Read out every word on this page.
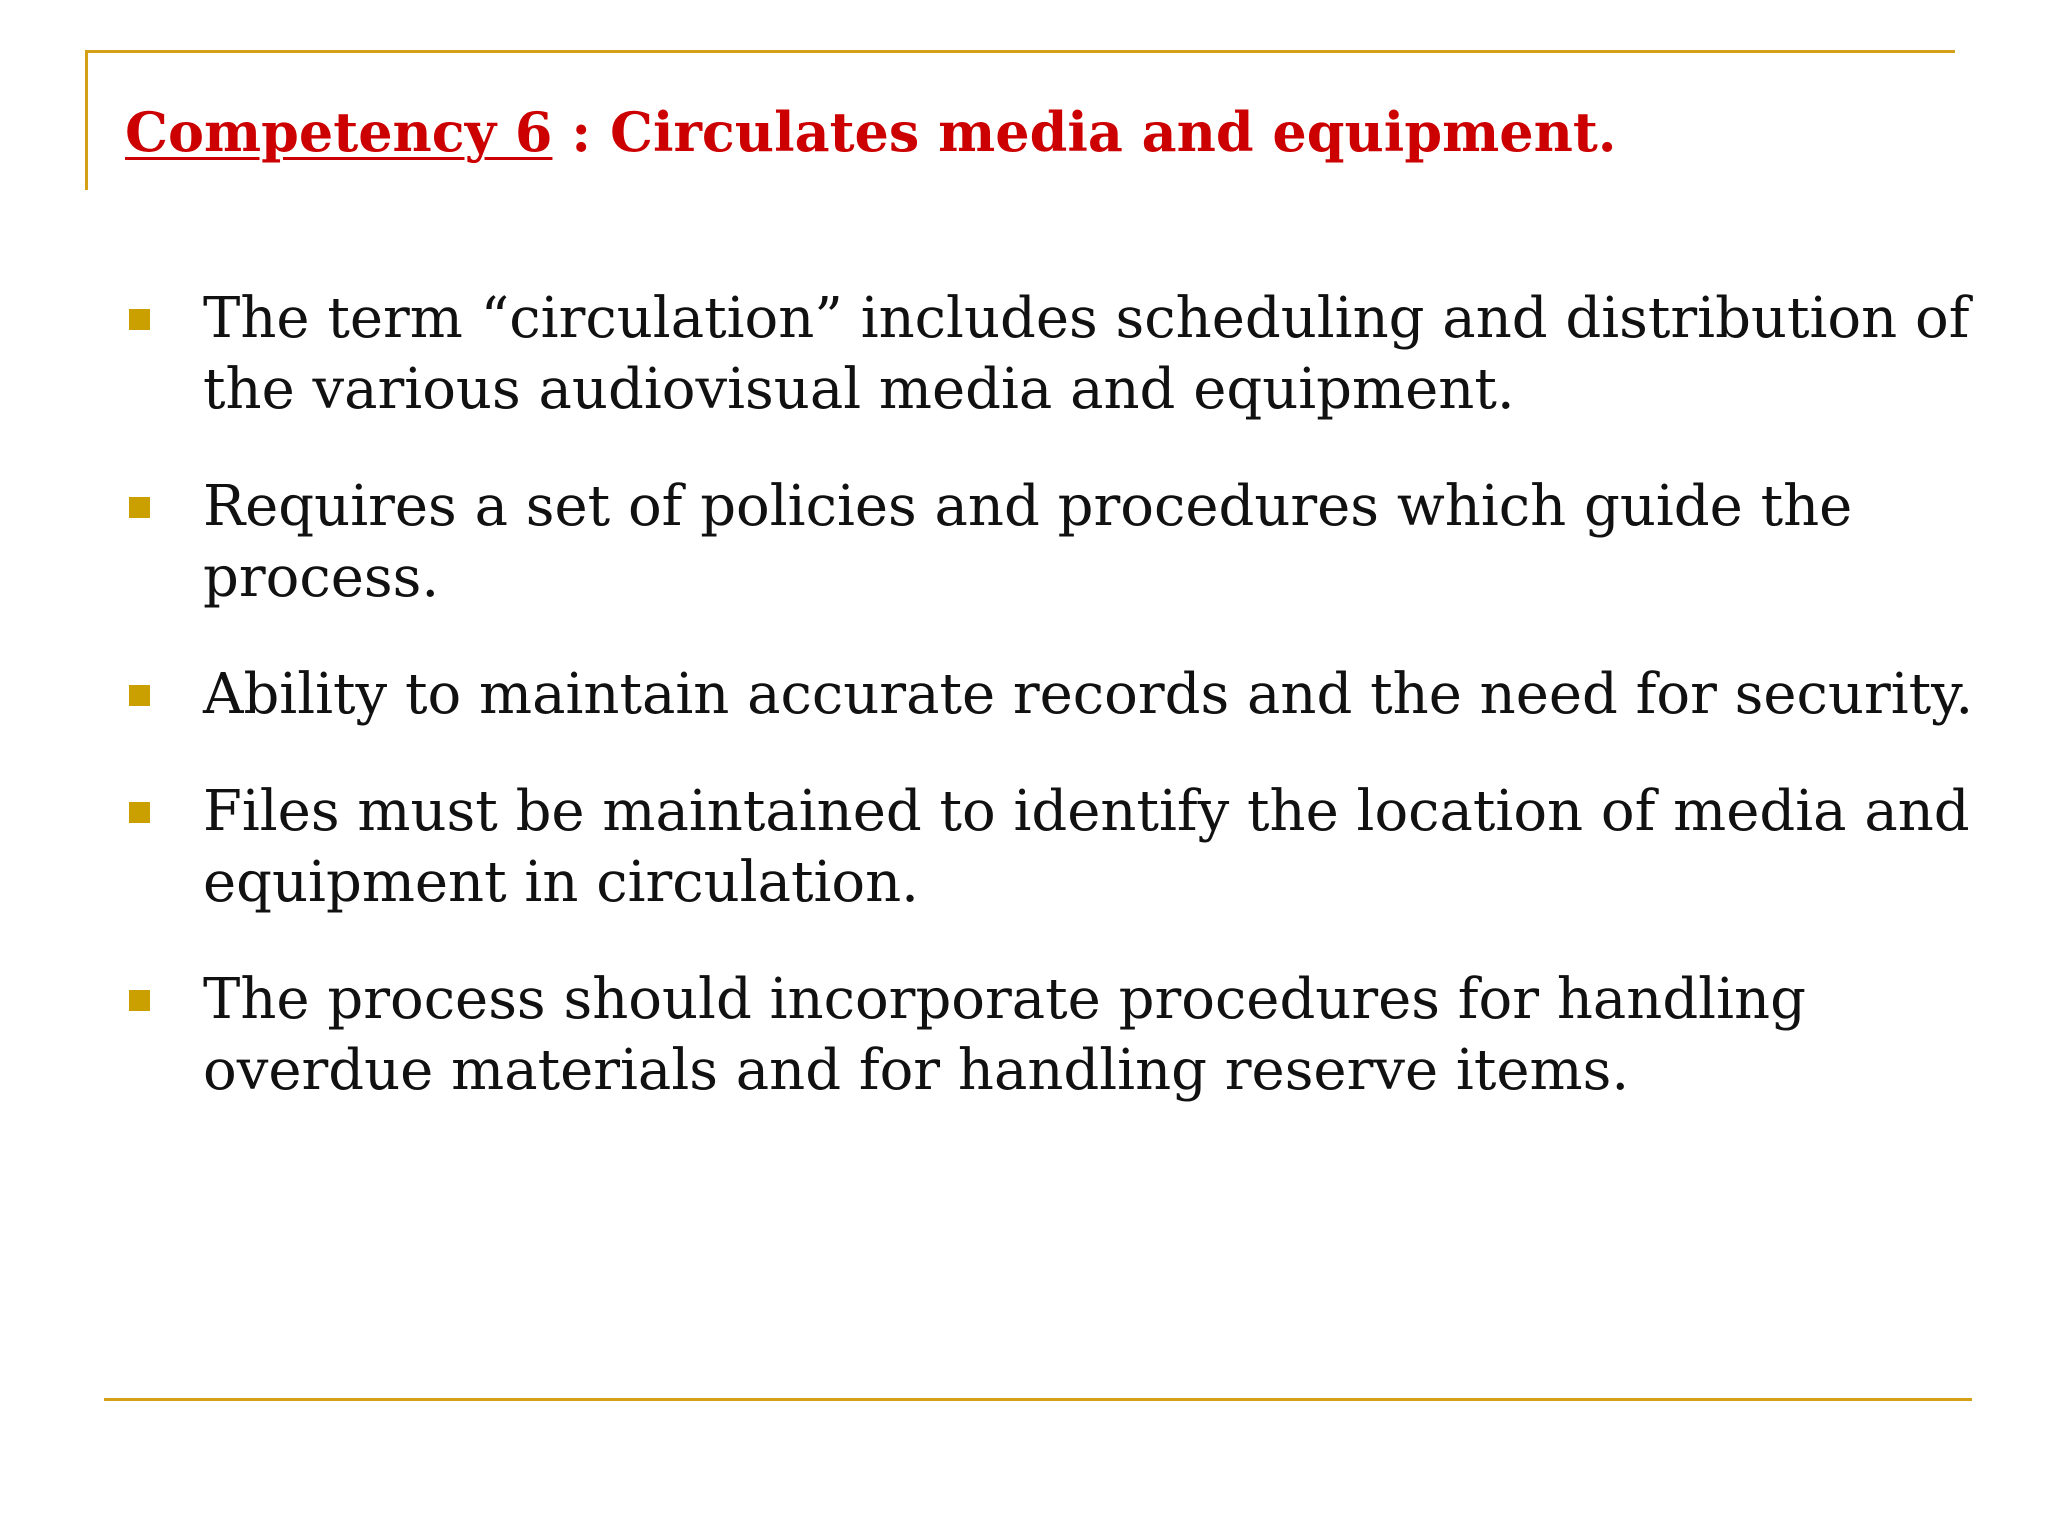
Competency 6 : Circulates media and equipment.
The term “circulation” includes scheduling and distribution of the various audiovisual media and equipment.
Requires a set of policies and procedures which guide the process.
Ability to maintain accurate records and the need for security.
Files must be maintained to identify the location of media and equipment in circulation.
The process should incorporate procedures for handling overdue materials and for handling reserve items.
